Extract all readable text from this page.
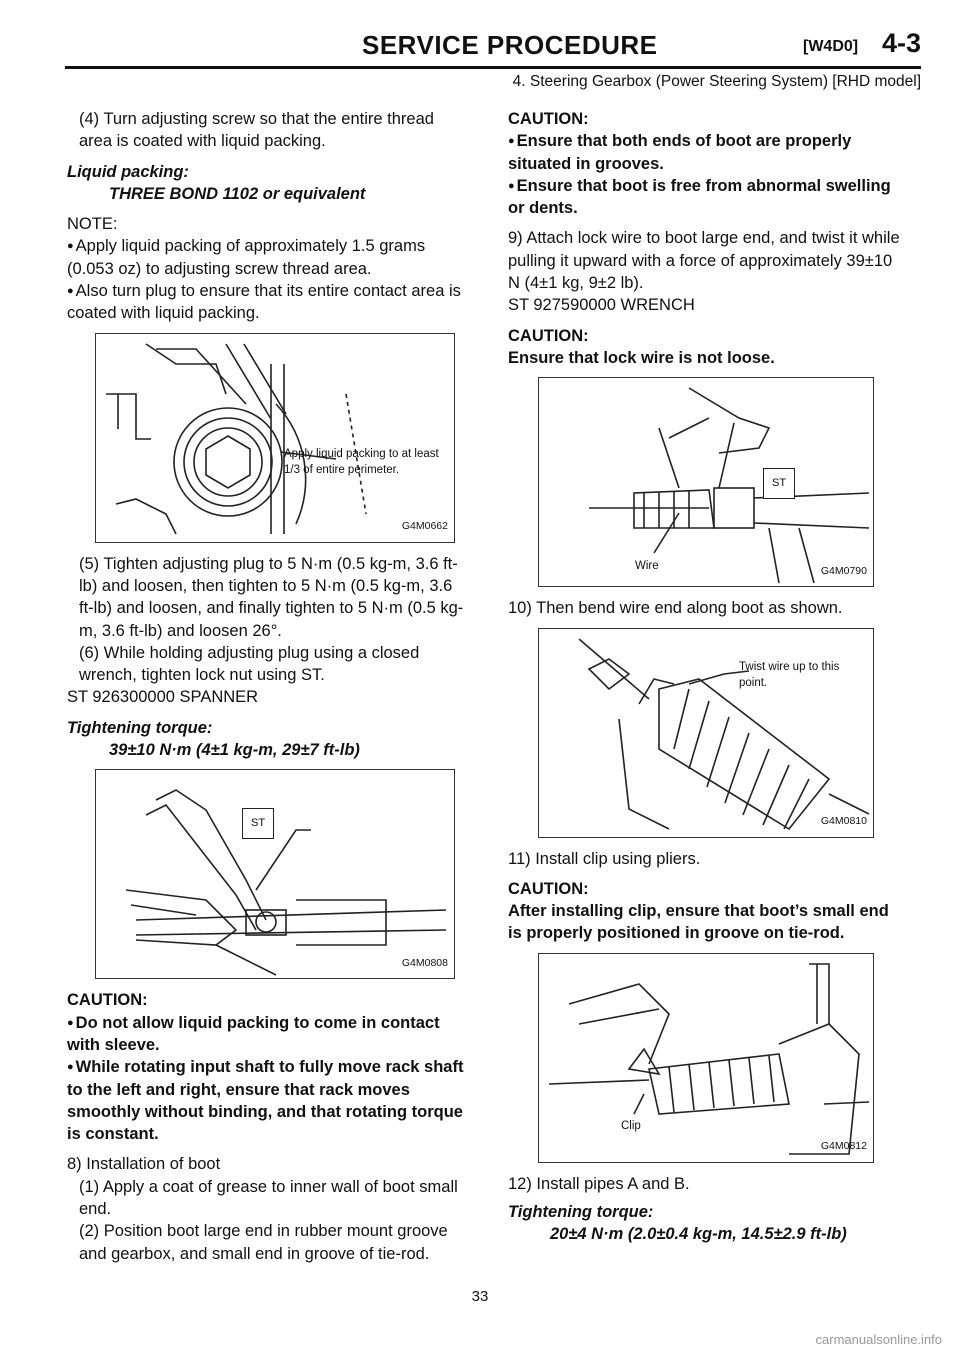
SERVICE PROCEDURE	[W4D0] 4-3
4. Steering Gearbox (Power Steering System) [RHD model]

(4) Turn adjusting screw so that the entire thread area is coated with liquid packing.

Liquid packing:

THREE BOND 1102 or equivalent

NOTE:
● Apply liquid packing of approximately 1.5 grams (0.053 oz) to adjusting screw thread area.

● Also turn plug to ensure that its entire contact area is coated with liquid packing.

Apply liquid packing to at least 1/3 of entire perimeter.
G4M0662

(5) Tighten adjusting plug to 5 N·m (0.5 kg-m, 3.6 ft-lb) and loosen, then tighten to 5 N·m (0.5 kg-m, 3.6 ft-lb) and loosen, and finally tighten to 5 N·m (0.5 kg-m, 3.6 ft-lb) and loosen 26°.

(6) While holding adjusting plug using a closed wrench, tighten lock nut using ST.

ST 926300000 SPANNER

Tightening torque:

39±10 N·m (4±1 kg-m, 29±7 ft-lb)

ST
G4M0808
CAUTION:
● Do not allow liquid packing to come in contact with sleeve.

● While rotating input shaft to fully move rack shaft to the left and right, ensure that rack moves smoothly without binding, and that rotating torque is constant.

8) Installation of boot
(1) Apply a coat of grease to inner wall of boot small end.
(2) Position boot large end in rubber mount groove and gearbox, and small end in groove of tie-rod.
CAUTION:
● Ensure that both ends of boot are properly situated in grooves.

● Ensure that boot is free from abnormal swelling or dents.

9) Attach lock wire to boot large end, and twist it while pulling it upward with a force of approximately 39±10 N (4±1 kg, 9±2 lb).

ST 927590000 WRENCH

CAUTION:

Ensure that lock wire is not loose.

ST
Wire	G4M0790

10) Then bend wire end along boot as shown.

Twist wire up to this point.
G4M0810

11) Install clip using pliers.

CAUTION:

After installing clip, ensure that boot’s small end is properly positioned in groove on tie-rod.

Clip
G4M0812
12) Install pipes A and B.
Tightening torque:
20±4 N·m (2.0±0.4 kg-m, 14.5±2.9 ft-lb)
33
carmanualsonline.info
